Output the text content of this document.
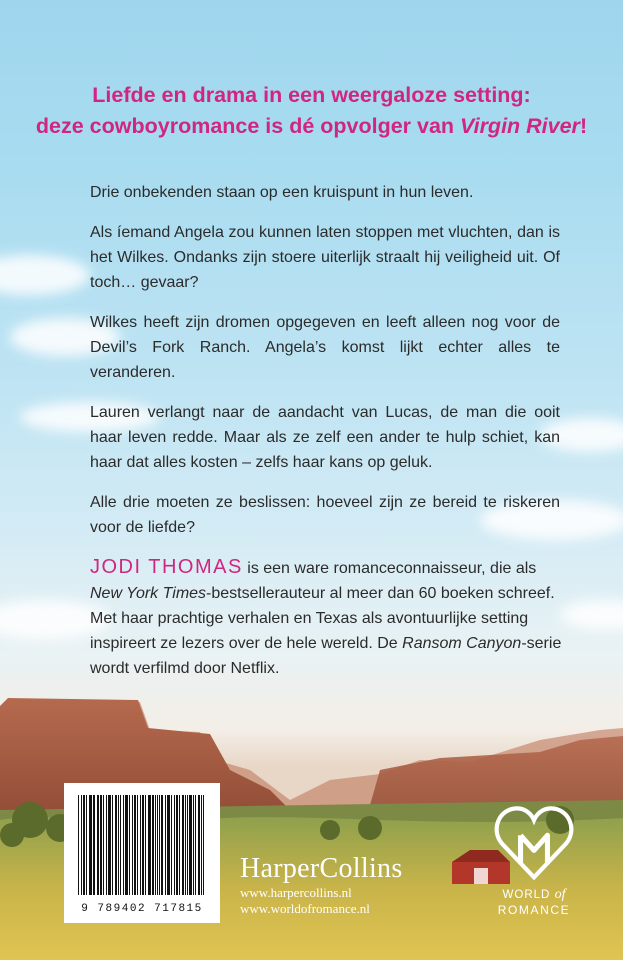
Liefde en drama in een weergaloze setting:
deze cowboyromance is dé opvolger van Virgin River!

Drie onbekenden staan op een kruispunt in hun leven.

Als íemand Angela zou kunnen laten stoppen met vluchten, dan is het Wilkes. Ondanks zijn stoere uiterlijk straalt hij veiligheid uit. Of toch… gevaar?

Wilkes heeft zijn dromen opgegeven en leeft alleen nog voor de Devil’s Fork Ranch. Angela’s komst lijkt echter alles te veranderen.

Lauren verlangt naar de aandacht van Lucas, de man die ooit haar leven redde. Maar als ze zelf een ander te hulp schiet, kan haar dat alles kosten – zelfs haar kans op geluk.

Alle drie moeten ze beslissen: hoeveel zijn ze bereid te riskeren voor de liefde?

JODI THOMAS is een ware romanceconnaisseur, die als New York Times-bestsellerauteur al meer dan 60 boeken schreef. Met haar prachtige verhalen en Texas als avontuurlijke setting inspireert ze lezers over de hele wereld. De Ransom Canyon-serie wordt verfilmd door Netflix.
9 789402 717815
HarperCollins
www.harpercollins.nl
www.worldofromance.nl
WORLD of
ROMANCE
